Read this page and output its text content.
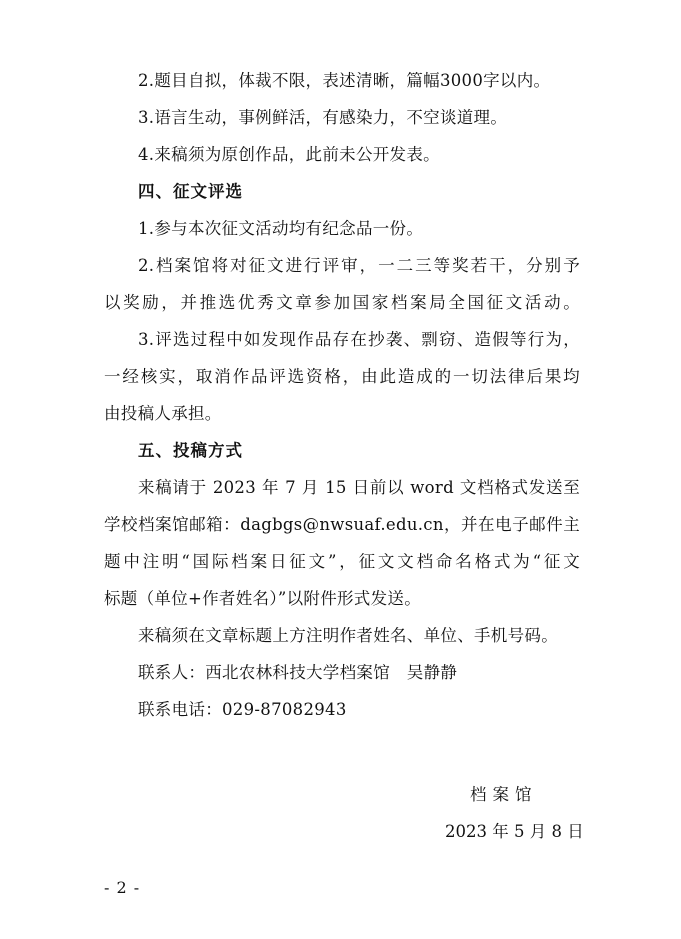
2.题目自拟，体裁不限，表述清晰，篇幅3000字以内。
3.语言生动，事例鲜活，有感染力，不空谈道理。
4.来稿须为原创作品，此前未公开发表。
四、征文评选
1.参与本次征文活动均有纪念品一份。
2.档案馆将对征文进行评审，一二三等奖若干，分别予
以奖励，并推选优秀文章参加国家档案局全国征文活动。
3.评选过程中如发现作品存在抄袭、剽窃、造假等行为，
一经核实，取消作品评选资格，由此造成的一切法律后果均
由投稿人承担。
五、投稿方式
来稿请于 2023 年 7 月 15 日前以 word 文档格式发送至
学校档案馆邮箱：dagbgs@nwsuaf.edu.cn，并在电子邮件主
题中注明“国际档案日征文”，征文文档命名格式为“征文
标题（单位+作者姓名）”以附件形式发送。
来稿须在文章标题上方注明作者姓名、单位、手机号码。
联系人：西北农林科技大学档案馆　吴静静
联系电话：029-87082943
档案馆
2023 年 5 月 8 日
- 2 -
